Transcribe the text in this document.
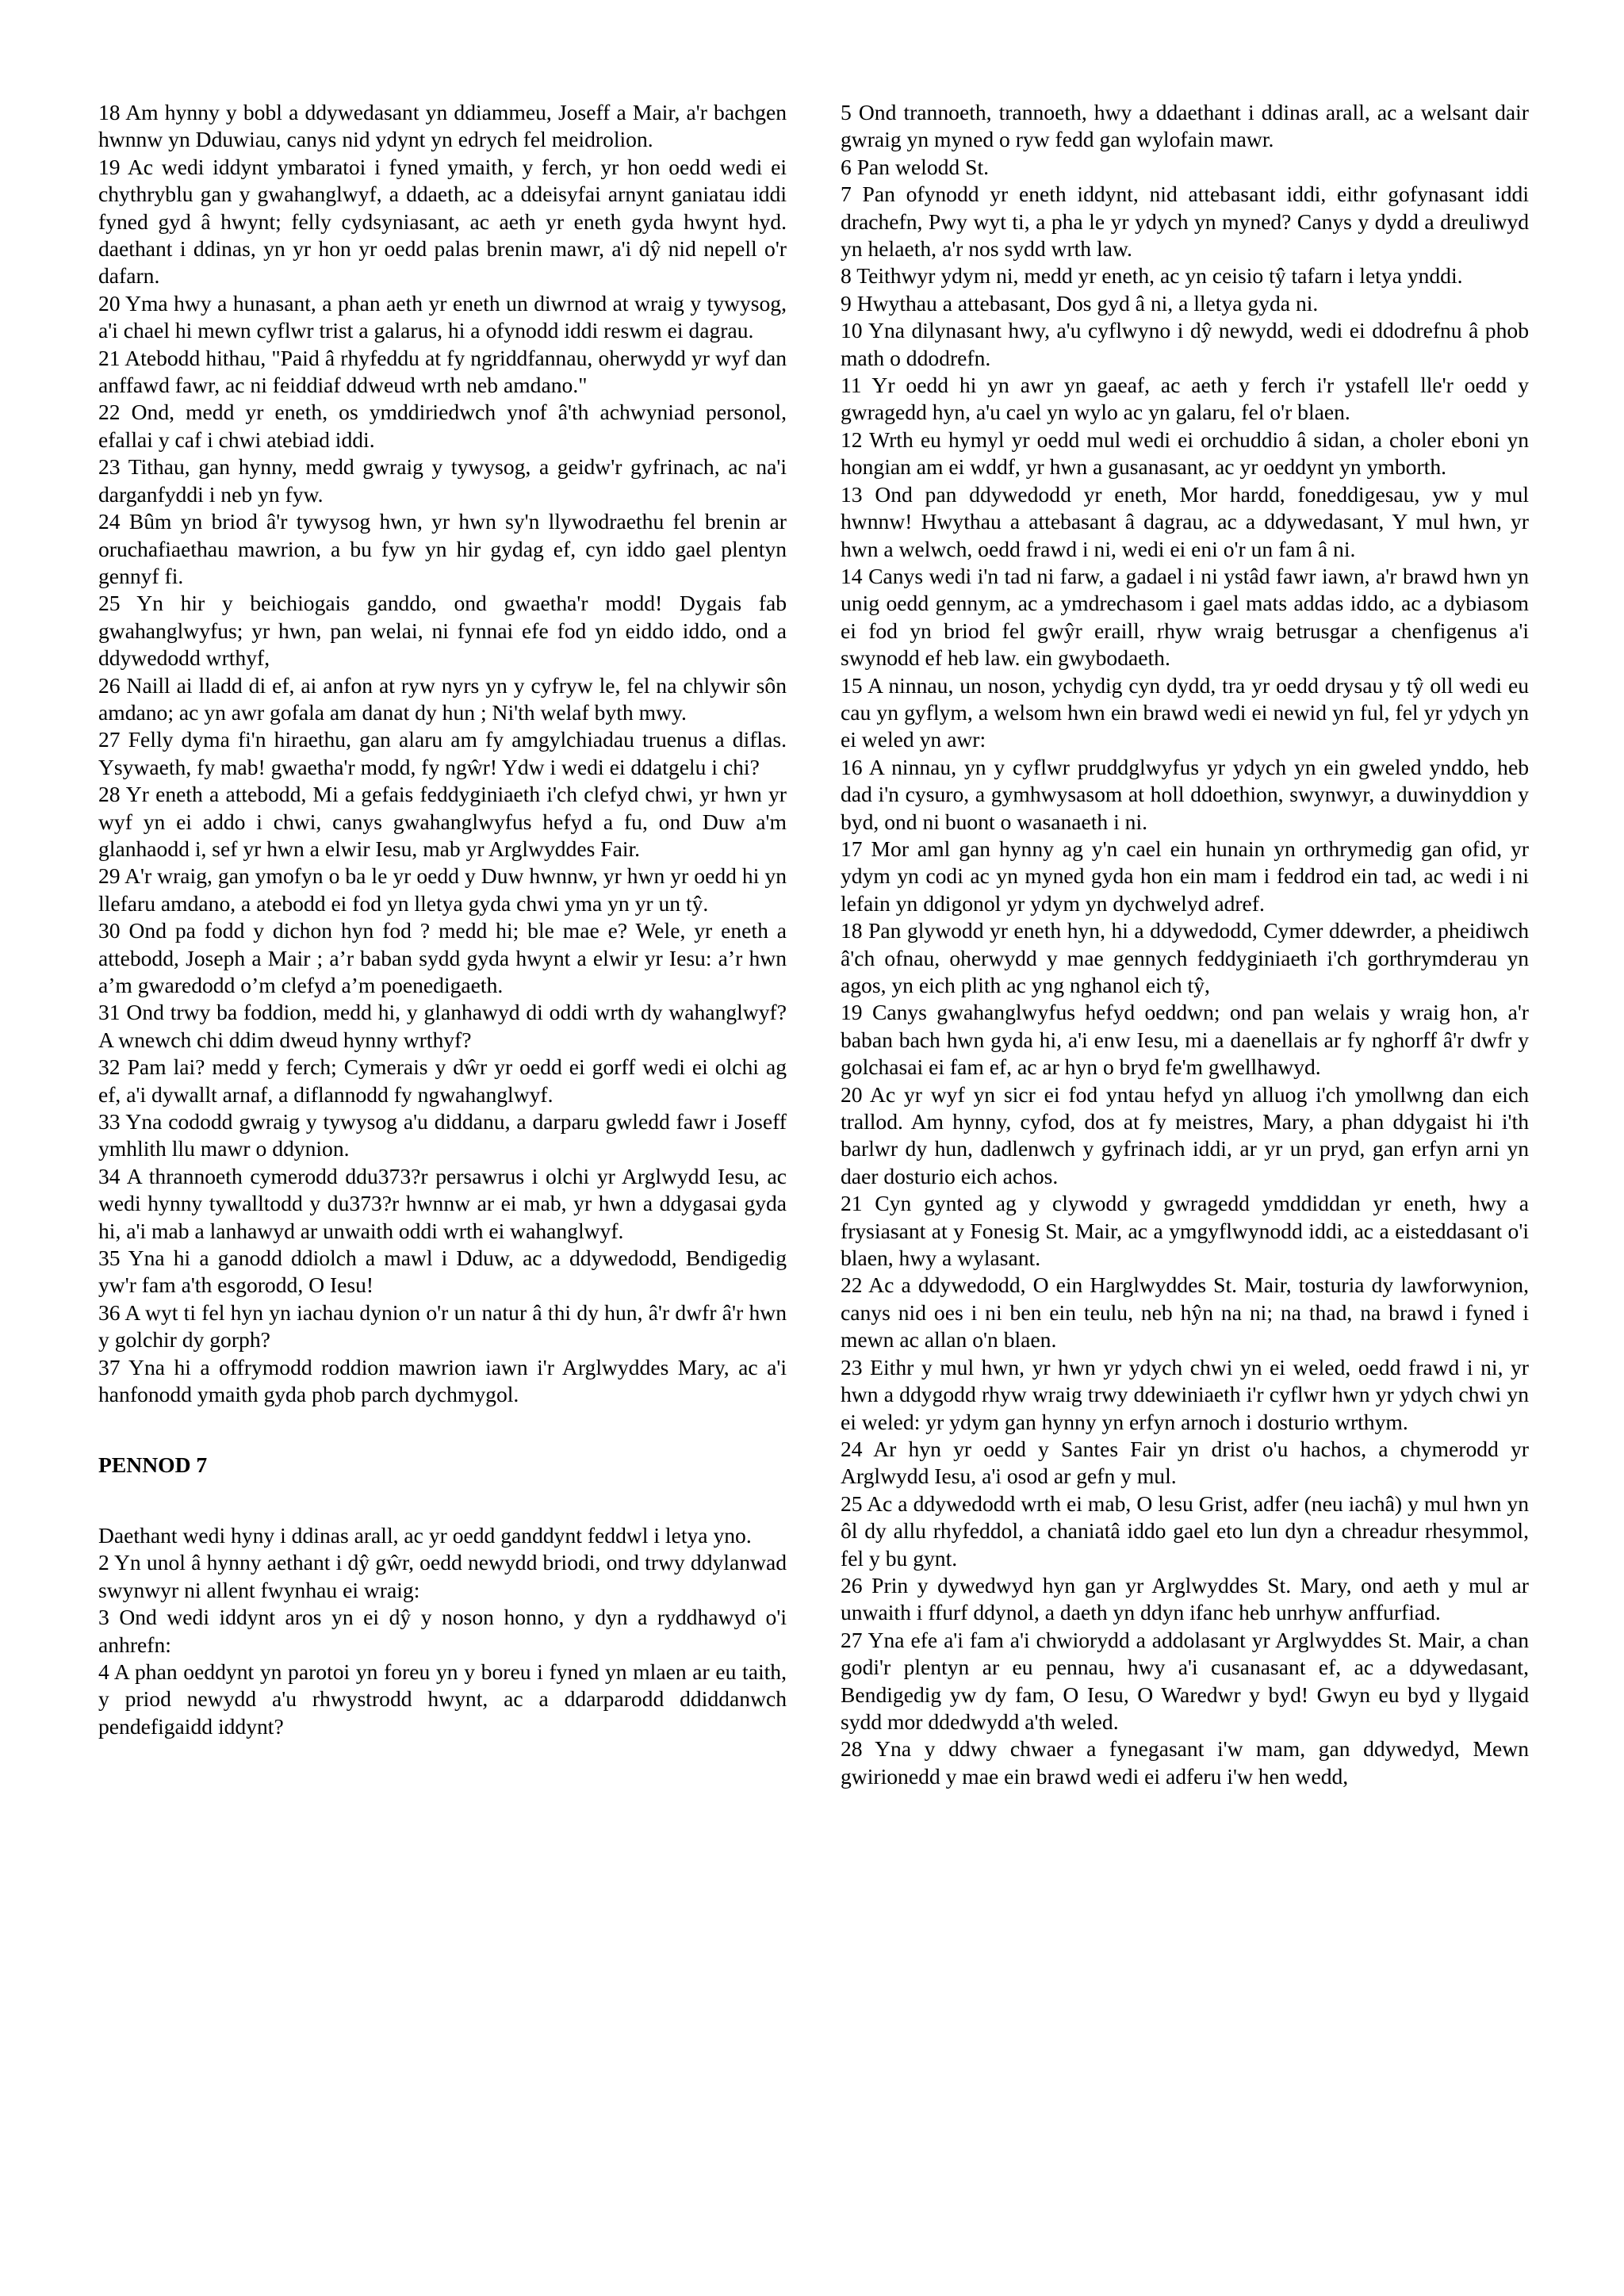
18 Am hynny y bobl a ddywedasant yn ddiammeu, Joseff a Mair, a'r bachgen hwnnw yn Dduwiau, canys nid ydynt yn edrych fel meidrolion.

19 Ac wedi iddynt ymbaratoi i fyned ymaith, y ferch, yr hon oedd wedi ei chythryblu gan y gwahanglwyf, a ddaeth, ac a ddeisyfai arnynt ganiatau iddi fyned gyd â hwynt; felly cydsyniasant, ac aeth yr eneth gyda hwynt hyd. daethant i ddinas, yn yr hon yr oedd palas brenin mawr, a'i dŷ nid nepell o'r dafarn.

20 Yma hwy a hunasant, a phan aeth yr eneth un diwrnod at wraig y tywysog, a'i chael hi mewn cyflwr trist a galarus, hi a ofynodd iddi reswm ei dagrau.

21 Atebodd hithau, "Paid â rhyfeddu at fy ngriddfannau, oherwydd yr wyf dan anffawd fawr, ac ni feiddiaf ddweud wrth neb amdano."

22 Ond, medd yr eneth, os ymddiriedwch ynof â'th achwyniad personol, efallai y caf i chwi atebiad iddi.

23 Tithau, gan hynny, medd gwraig y tywysog, a geidw'r gyfrinach, ac na'i darganfyddi i neb yn fyw.

24 Bûm yn briod â'r tywysog hwn, yr hwn sy'n llywodraethu fel brenin ar oruchafiaethau mawrion, a bu fyw yn hir gydag ef, cyn iddo gael plentyn gennyf fi.

25 Yn hir y beichiogais ganddo, ond gwaetha'r modd! Dygais fab gwahanglwyfus; yr hwn, pan welai, ni fynnai efe fod yn eiddo iddo, ond a ddywedodd wrthyf,

26 Naill ai lladd di ef, ai anfon at ryw nyrs yn y cyfryw le, fel na chlywir sôn amdano; ac yn awr gofala am danat dy hun ; Ni'th welaf byth mwy.

27 Felly dyma fi'n hiraethu, gan alaru am fy amgylchiadau truenus a diflas. Ysywaeth, fy mab! gwaetha'r modd, fy ngŵr! Ydw i wedi ei ddatgelu i chi?

28 Yr eneth a attebodd, Mi a gefais feddyginiaeth i'ch clefyd chwi, yr hwn yr wyf yn ei addo i chwi, canys gwahanglwyfus hefyd a fu, ond Duw a'm glanhaodd i, sef yr hwn a elwir Iesu, mab yr Arglwyddes Fair.

29 A'r wraig, gan ymofyn o ba le yr oedd y Duw hwnnw, yr hwn yr oedd hi yn llefaru amdano, a atebodd ei fod yn lletya gyda chwi yma yn yr un tŷ.

30 Ond pa fodd y dichon hyn fod ? medd hi; ble mae e? Wele, yr eneth a attebodd, Joseph a Mair ; a’r baban sydd gyda hwynt a elwir yr Iesu: a’r hwn a’m gwaredodd o’m clefyd a’m poenedigaeth.

31 Ond trwy ba foddion, medd hi, y glanhawyd di oddi wrth dy wahanglwyf? A wnewch chi ddim dweud hynny wrthyf?

32 Pam lai? medd y ferch; Cymerais y dŵr yr oedd ei gorff wedi ei olchi ag ef, a'i dywallt arnaf, a diflannodd fy ngwahanglwyf.

33 Yna cododd gwraig y tywysog a'u diddanu, a darparu gwledd fawr i Joseff ymhlith llu mawr o ddynion.

34 A thrannoeth cymerodd ddu373?r persawrus i olchi yr Arglwydd Iesu, ac wedi hynny tywalltodd y du373?r hwnnw ar ei mab, yr hwn a ddygasai gyda hi, a'i mab a lanhawyd ar unwaith oddi wrth ei wahanglwyf.

35 Yna hi a ganodd ddiolch a mawl i Dduw, ac a ddywedodd, Bendigedig yw'r fam a'th esgorodd, O Iesu!

36 A wyt ti fel hyn yn iachau dynion o'r un natur â thi dy hun, â'r dwfr â'r hwn y golchir dy gorph?

37 Yna hi a offrymodd roddion mawrion iawn i'r Arglwyddes Mary, ac a'i hanfonodd ymaith gyda phob parch dychmygol.

PENNOD 7

Daethant wedi hyny i ddinas arall, ac yr oedd ganddynt feddwl i letya yno.

2 Yn unol â hynny aethant i dŷ gŵr, oedd newydd briodi, ond trwy ddylanwad swynwyr ni allent fwynhau ei wraig:

3 Ond wedi iddynt aros yn ei dŷ y noson honno, y dyn a ryddhawyd o'i anhrefn:

4 A phan oeddynt yn parotoi yn foreu yn y boreu i fyned yn mlaen ar eu taith, y priod newydd a'u rhwystrodd hwynt, ac a ddarparodd ddiddanwch pendefigaidd iddynt?

5 Ond trannoeth, trannoeth, hwy a ddaethant i ddinas arall, ac a welsant dair gwraig yn myned o ryw fedd gan wylofain mawr.

6 Pan welodd St.

7 Pan ofynodd yr eneth iddynt, nid attebasant iddi, eithr gofynasant iddi drachefn, Pwy wyt ti, a pha le yr ydych yn myned? Canys y dydd a dreuliwyd yn helaeth, a'r nos sydd wrth law.

8 Teithwyr ydym ni, medd yr eneth, ac yn ceisio tŷ tafarn i letya ynddi.

9 Hwythau a attebasant, Dos gyd â ni, a lletya gyda ni.

10 Yna dilynasant hwy, a'u cyflwyno i dŷ newydd, wedi ei ddodrefnu â phob math o ddodrefn.

11 Yr oedd hi yn awr yn gaeaf, ac aeth y ferch i'r ystafell lle'r oedd y gwragedd hyn, a'u cael yn wylo ac yn galaru, fel o'r blaen.

12 Wrth eu hymyl yr oedd mul wedi ei orchuddio â sidan, a choler eboni yn hongian am ei wddf, yr hwn a gusanasant, ac yr oeddynt yn ymborth.

13 Ond pan ddywedodd yr eneth, Mor hardd, foneddigesau, yw y mul hwnnw! Hwythau a attebasant â dagrau, ac a ddywedasant, Y mul hwn, yr hwn a welwch, oedd frawd i ni, wedi ei eni o'r un fam â ni.

14 Canys wedi i'n tad ni farw, a gadael i ni ystâd fawr iawn, a'r brawd hwn yn unig oedd gennym, ac a ymdrechasom i gael mats addas iddo, ac a dybiasom ei fod yn briod fel gwŷr eraill, rhyw wraig betrusgar a chenfigenus a'i swynodd ef heb law. ein gwybodaeth.

15 A ninnau, un noson, ychydig cyn dydd, tra yr oedd drysau y tŷ oll wedi eu cau yn gyflym, a welsom hwn ein brawd wedi ei newid yn ful, fel yr ydych yn ei weled yn awr:

16 A ninnau, yn y cyflwr pruddglwyfus yr ydych yn ein gweled ynddo, heb dad i'n cysuro, a gymhwysasom at holl ddoethion, swynwyr, a duwinyddion y byd, ond ni buont o wasanaeth i ni.

17 Mor aml gan hynny ag y'n cael ein hunain yn orthrymedig gan ofid, yr ydym yn codi ac yn myned gyda hon ein mam i feddrod ein tad, ac wedi i ni lefain yn ddigonol yr ydym yn dychwelyd adref.

18 Pan glywodd yr eneth hyn, hi a ddywedodd, Cymer ddewrder, a pheidiwch â'ch ofnau, oherwydd y mae gennych feddyginiaeth i'ch gorthrymderau yn agos, yn eich plith ac yng nghanol eich tŷ,

19 Canys gwahanglwyfus hefyd oeddwn; ond pan welais y wraig hon, a'r baban bach hwn gyda hi, a'i enw Iesu, mi a daenellais ar fy nghorff â'r dwfr y golchasai ei fam ef, ac ar hyn o bryd fe'm gwellhawyd.

20 Ac yr wyf yn sicr ei fod yntau hefyd yn alluog i'ch ymollwng dan eich trallod. Am hynny, cyfod, dos at fy meistres, Mary, a phan ddygaist hi i'th barlwr dy hun, dadlenwch y gyfrinach iddi, ar yr un pryd, gan erfyn arni yn daer dosturio eich achos.

21 Cyn gynted ag y clywodd y gwragedd ymddiddan yr eneth, hwy a frysiasant at y Fonesig St. Mair, ac a ymgyflwynodd iddi, ac a eisteddasant o'i blaen, hwy a wylasant.

22 Ac a ddywedodd, O ein Harglwyddes St. Mair, tosturia dy lawforwynion, canys nid oes i ni ben ein teulu, neb hŷn na ni; na thad, na brawd i fyned i mewn ac allan o'n blaen.

23 Eithr y mul hwn, yr hwn yr ydych chwi yn ei weled, oedd frawd i ni, yr hwn a ddygodd rhyw wraig trwy ddewiniaeth i'r cyflwr hwn yr ydych chwi yn ei weled: yr ydym gan hynny yn erfyn arnoch i dosturio wrthym.

24 Ar hyn yr oedd y Santes Fair yn drist o'u hachos, a chymerodd yr Arglwydd Iesu, a'i osod ar gefn y mul.

25 Ac a ddywedodd wrth ei mab, O lesu Grist, adfer (neu iachâ) y mul hwn yn ôl dy allu rhyfeddol, a chaniatâ iddo gael eto lun dyn a chreadur rhesymmol, fel y bu gynt.

26 Prin y dywedwyd hyn gan yr Arglwyddes St. Mary, ond aeth y mul ar unwaith i ffurf ddynol, a daeth yn ddyn ifanc heb unrhyw anffurfiad.

27 Yna efe a'i fam a'i chwiorydd a addolasant yr Arglwyddes St. Mair, a chan godi'r plentyn ar eu pennau, hwy a'i cusanasant ef, ac a ddywedasant, Bendigedig yw dy fam, O Iesu, O Waredwr y byd! Gwyn eu byd y llygaid sydd mor ddedwydd a'th weled.

28 Yna y ddwy chwaer a fynegasant i'w mam, gan ddywedyd, Mewn gwirionedd y mae ein brawd wedi ei adferu i'w hen wedd,
